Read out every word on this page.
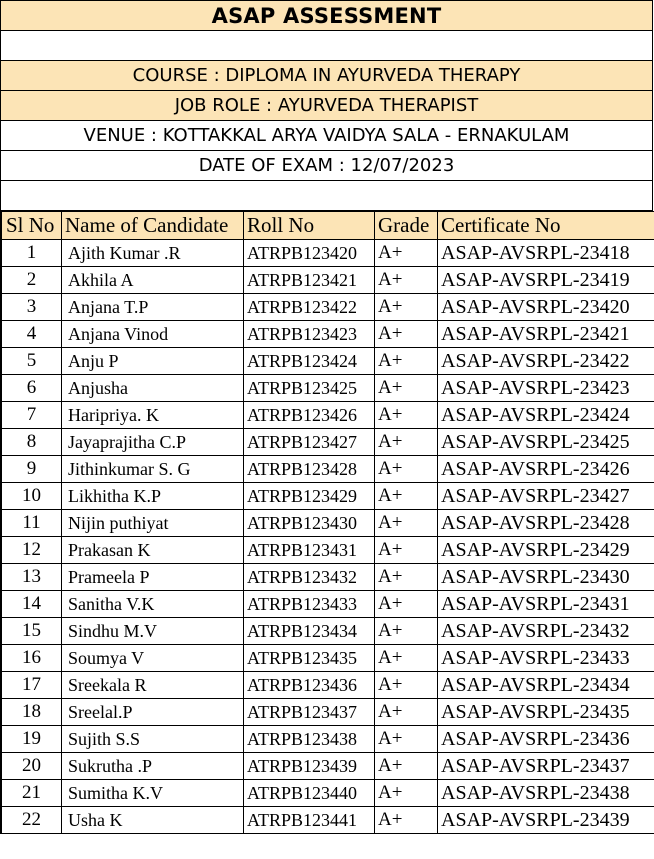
ASAP ASSESSMENT
COURSE : DIPLOMA IN AYURVEDA THERAPY
JOB ROLE : AYURVEDA THERAPIST
VENUE : KOTTAKKAL ARYA VAIDYA SALA - ERNAKULAM
DATE OF EXAM : 12/07/2023
Sl No	Name of Candidate	Roll No	Grade	Certificate No
1	Ajith Kumar .R	ATRPB123420	A+	ASAP-AVSRPL-23418
2	Akhila A	ATRPB123421	A+	ASAP-AVSRPL-23419
3	Anjana T.P	ATRPB123422	A+	ASAP-AVSRPL-23420
4	Anjana Vinod	ATRPB123423	A+	ASAP-AVSRPL-23421
5	Anju P	ATRPB123424	A+	ASAP-AVSRPL-23422
6	Anjusha	ATRPB123425	A+	ASAP-AVSRPL-23423
7	Haripriya. K	ATRPB123426	A+	ASAP-AVSRPL-23424
8	Jayaprajitha C.P	ATRPB123427	A+	ASAP-AVSRPL-23425
9	Jithinkumar S. G	ATRPB123428	A+	ASAP-AVSRPL-23426
10	Likhitha K.P	ATRPB123429	A+	ASAP-AVSRPL-23427
11	Nijin puthiyat	ATRPB123430	A+	ASAP-AVSRPL-23428
12	Prakasan K	ATRPB123431	A+	ASAP-AVSRPL-23429
13	Prameela P	ATRPB123432	A+	ASAP-AVSRPL-23430
14	Sanitha V.K	ATRPB123433	A+	ASAP-AVSRPL-23431
15	Sindhu M.V	ATRPB123434	A+	ASAP-AVSRPL-23432
16	Soumya V	ATRPB123435	A+	ASAP-AVSRPL-23433
17	Sreekala R	ATRPB123436	A+	ASAP-AVSRPL-23434
18	Sreelal.P	ATRPB123437	A+	ASAP-AVSRPL-23435
19	Sujith S.S	ATRPB123438	A+	ASAP-AVSRPL-23436
20	Sukrutha .P	ATRPB123439	A+	ASAP-AVSRPL-23437
21	Sumitha K.V	ATRPB123440	A+	ASAP-AVSRPL-23438
22	Usha K	ATRPB123441	A+	ASAP-AVSRPL-23439
